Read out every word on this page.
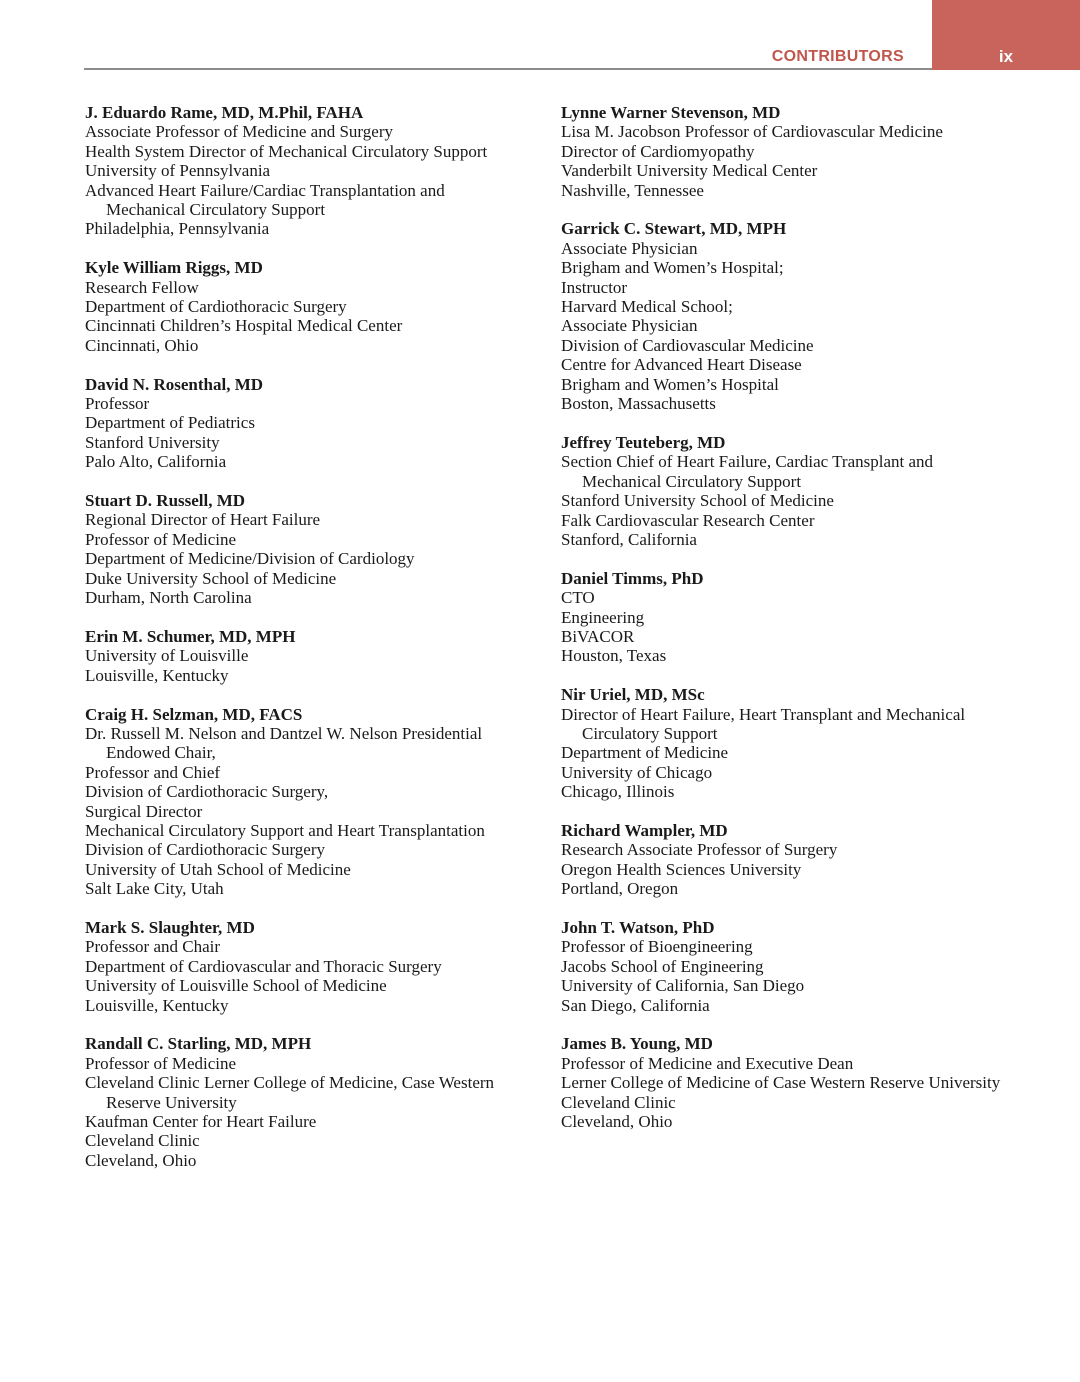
ix
CONTRIBUTORS
J. Eduardo Rame, MD, M.Phil, FAHA
Associate Professor of Medicine and Surgery
Health System Director of Mechanical Circulatory Support
University of Pennsylvania
Advanced Heart Failure/Cardiac Transplantation and Mechanical Circulatory Support
Philadelphia, Pennsylvania
Kyle William Riggs, MD
Research Fellow
Department of Cardiothoracic Surgery
Cincinnati Children’s Hospital Medical Center
Cincinnati, Ohio
David N. Rosenthal, MD
Professor
Department of Pediatrics
Stanford University
Palo Alto, California
Stuart D. Russell, MD
Regional Director of Heart Failure
Professor of Medicine
Department of Medicine/Division of Cardiology
Duke University School of Medicine
Durham, North Carolina
Erin M. Schumer, MD, MPH
University of Louisville
Louisville, Kentucky
Craig H. Selzman, MD, FACS
Dr. Russell M. Nelson and Dantzel W. Nelson Presidential Endowed Chair,
Professor and Chief
Division of Cardiothoracic Surgery,
Surgical Director
Mechanical Circulatory Support and Heart Transplantation
Division of Cardiothoracic Surgery
University of Utah School of Medicine
Salt Lake City, Utah
Mark S. Slaughter, MD
Professor and Chair
Department of Cardiovascular and Thoracic Surgery
University of Louisville School of Medicine
Louisville, Kentucky
Randall C. Starling, MD, MPH
Professor of Medicine
Cleveland Clinic Lerner College of Medicine, Case Western Reserve University
Kaufman Center for Heart Failure
Cleveland Clinic
Cleveland, Ohio
Lynne Warner Stevenson, MD
Lisa M. Jacobson Professor of Cardiovascular Medicine
Director of Cardiomyopathy
Vanderbilt University Medical Center
Nashville, Tennessee
Garrick C. Stewart, MD, MPH
Associate Physician
Brigham and Women’s Hospital;
Instructor
Harvard Medical School;
Associate Physician
Division of Cardiovascular Medicine
Centre for Advanced Heart Disease
Brigham and Women’s Hospital
Boston, Massachusetts
Jeffrey Teuteberg, MD
Section Chief of Heart Failure, Cardiac Transplant and Mechanical Circulatory Support
Stanford University School of Medicine
Falk Cardiovascular Research Center
Stanford, California
Daniel Timms, PhD
CTO
Engineering
BiVACOR
Houston, Texas
Nir Uriel, MD, MSc
Director of Heart Failure, Heart Transplant and Mechanical Circulatory Support
Department of Medicine
University of Chicago
Chicago, Illinois
Richard Wampler, MD
Research Associate Professor of Surgery
Oregon Health Sciences University
Portland, Oregon
John T. Watson, PhD
Professor of Bioengineering
Jacobs School of Engineering
University of California, San Diego
San Diego, California
James B. Young, MD
Professor of Medicine and Executive Dean
Lerner College of Medicine of Case Western Reserve University
Cleveland Clinic
Cleveland, Ohio
